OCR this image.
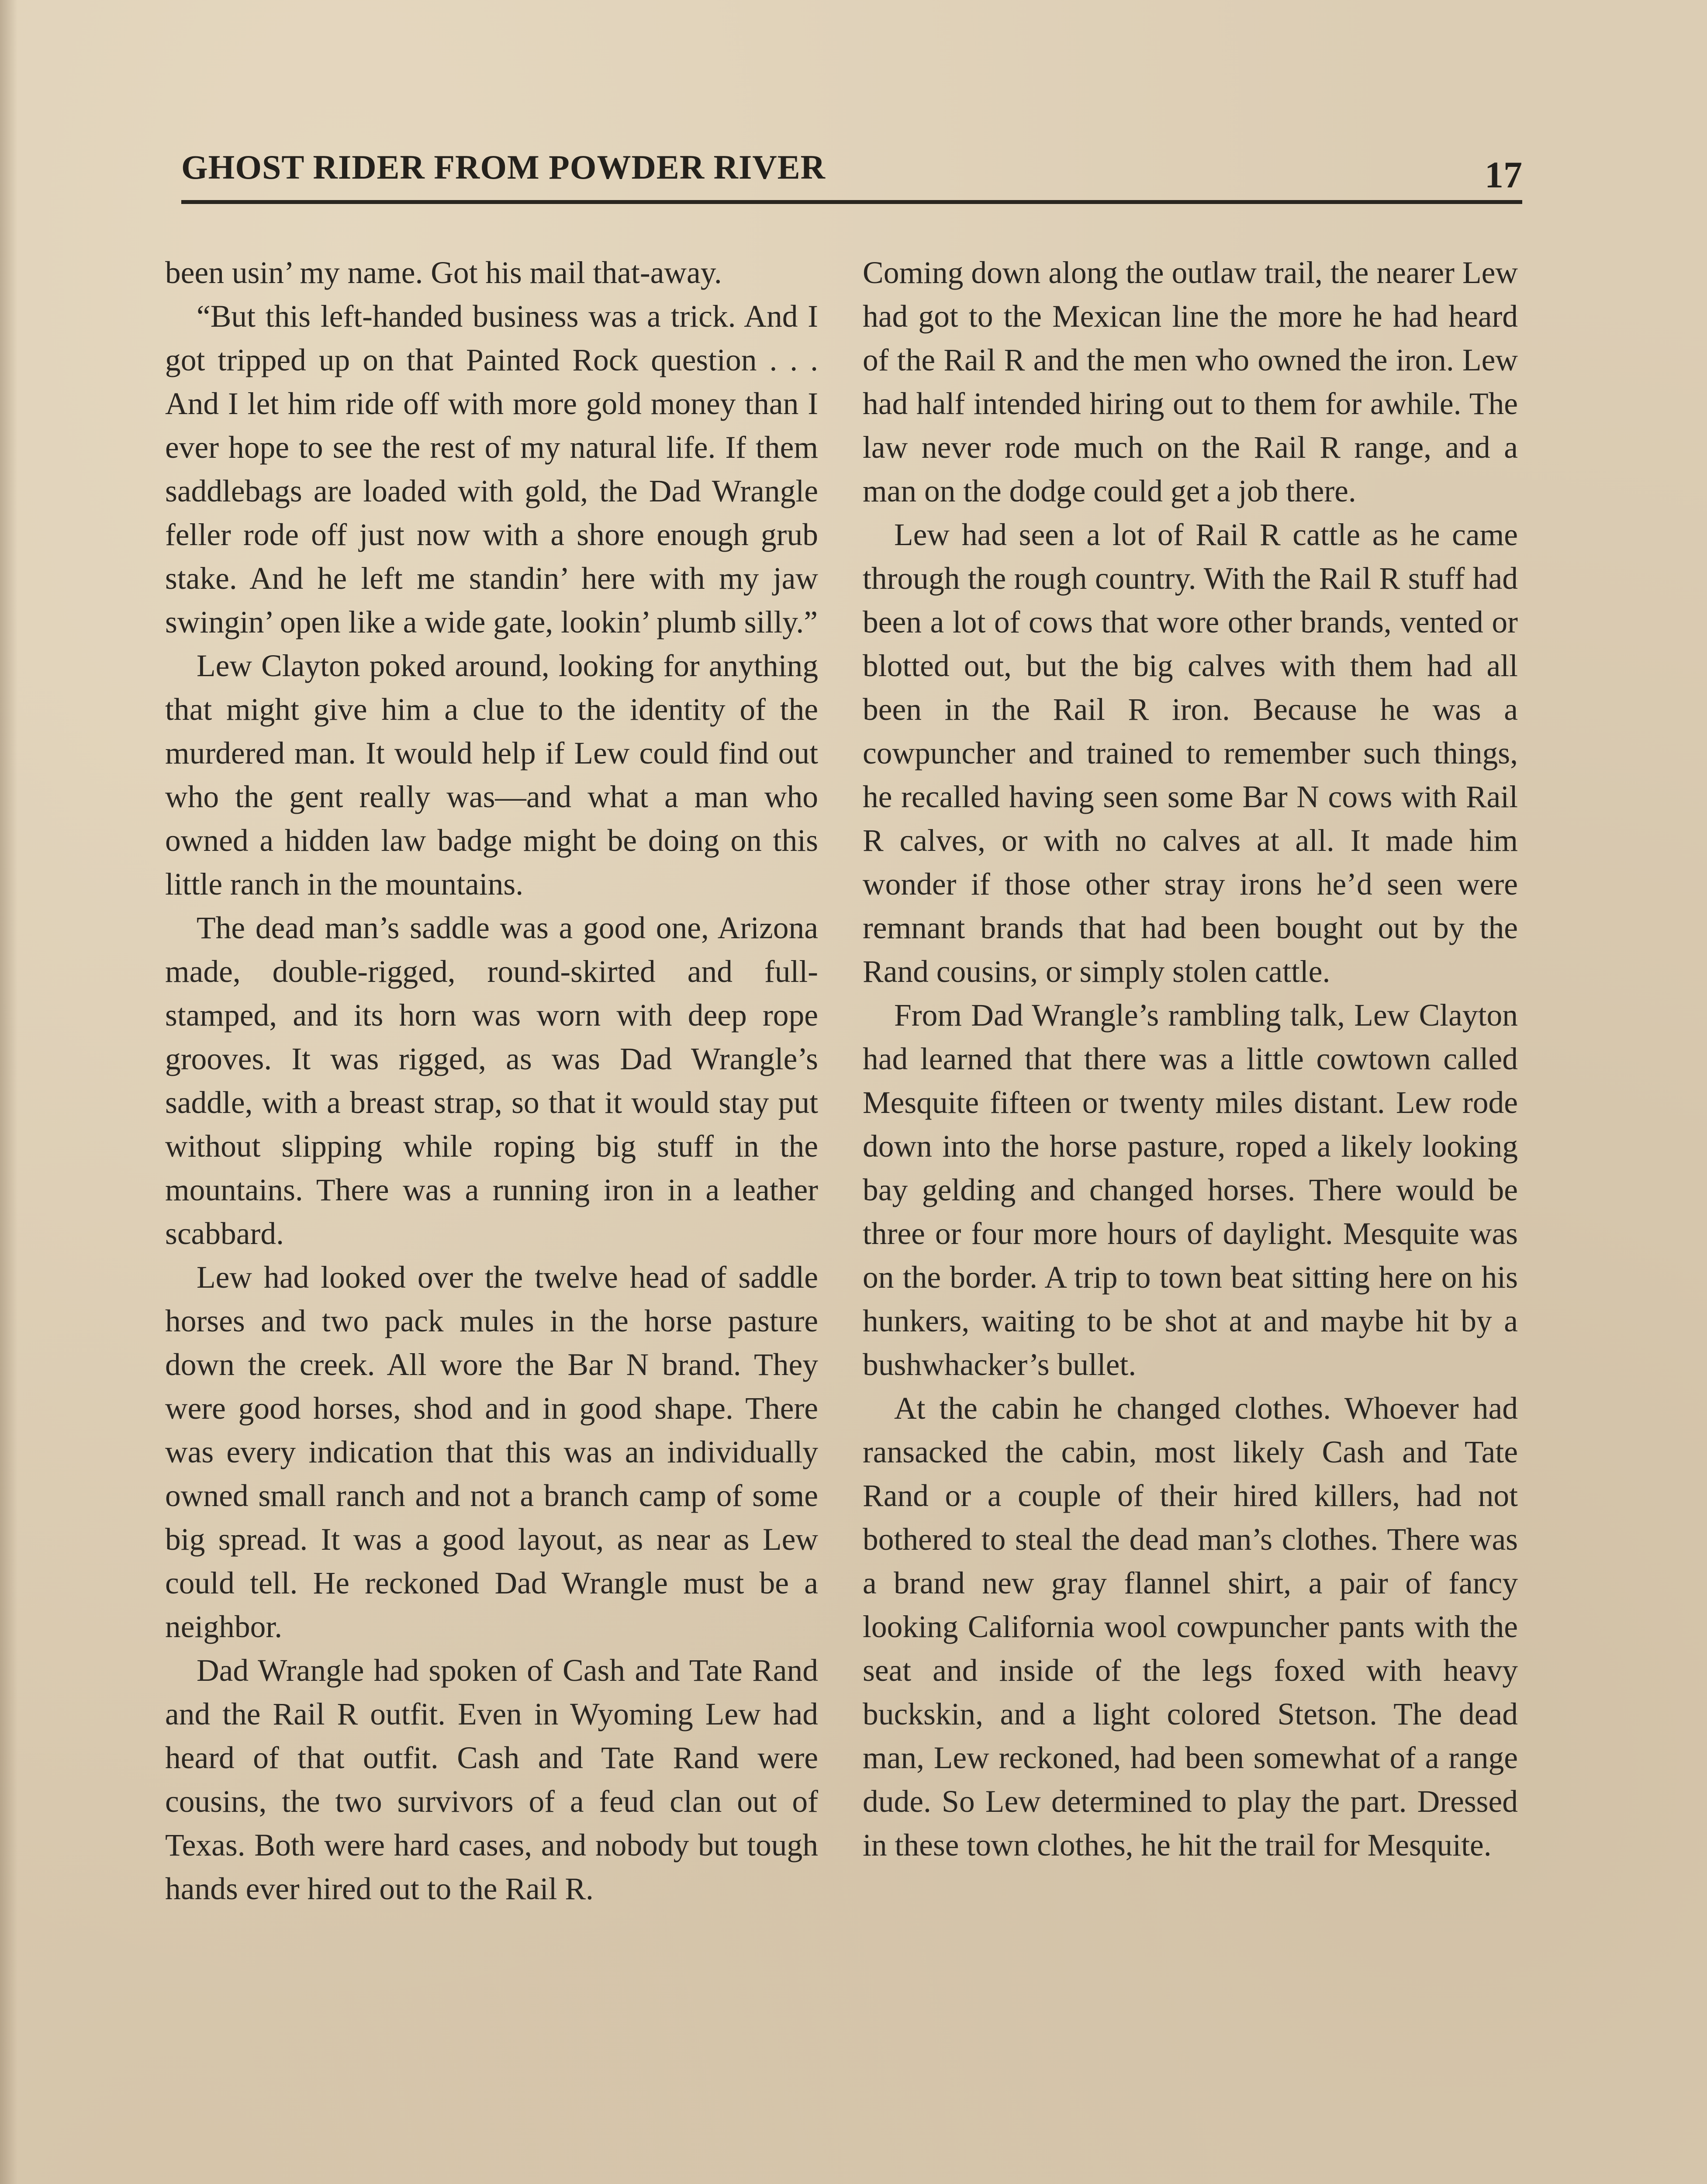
GHOST RIDER FROM POWDER RIVER	17

been usin’ my name. Got his mail that-away.

“But this left-handed business was a trick. And I got tripped up on that Painted Rock question . . . And I let him ride off with more gold money than I ever hope to see the rest of my natural life. If them saddlebags are loaded with gold, the Dad Wrangle feller rode off just now with a shore enough grub stake. And he left me standin’ here with my jaw swingin’ open like a wide gate, lookin’ plumb silly.”

Lew Clayton poked around, looking for anything that might give him a clue to the identity of the murdered man. It would help if Lew could find out who the gent really was—and what a man who owned a hidden law badge might be doing on this little ranch in the mountains.

The dead man’s saddle was a good one, Arizona made, double-rigged, round-skirted and full-stamped, and its horn was worn with deep rope grooves. It was rigged, as was Dad Wrangle’s saddle, with a breast strap, so that it would stay put without slipping while roping big stuff in the mountains. There was a running iron in a leather scabbard.

Lew had looked over the twelve head of saddle horses and two pack mules in the horse pasture down the creek. All wore the Bar N brand. They were good horses, shod and in good shape. There was every indication that this was an individually owned small ranch and not a branch camp of some big spread. It was a good layout, as near as Lew could tell. He reckoned Dad Wrangle must be a neighbor.

Dad Wrangle had spoken of Cash and Tate Rand and the Rail R outfit. Even in Wyoming Lew had heard of that outfit. Cash and Tate Rand were cousins, the two survivors of a feud clan out of Texas. Both were hard cases, and nobody but tough hands ever hired out to the Rail R.

Coming down along the outlaw trail, the nearer Lew had got to the Mexican line the more he had heard of the Rail R and the men who owned the iron. Lew had half intended hiring out to them for awhile. The law never rode much on the Rail R range, and a man on the dodge could get a job there.

Lew had seen a lot of Rail R cattle as he came through the rough country. With the Rail R stuff had been a lot of cows that wore other brands, vented or blotted out, but the big calves with them had all been in the Rail R iron. Because he was a cowpuncher and trained to remember such things, he recalled having seen some Bar N cows with Rail R calves, or with no calves at all. It made him wonder if those other stray irons he’d seen were remnant brands that had been bought out by the Rand cousins, or simply stolen cattle.

From Dad Wrangle’s rambling talk, Lew Clayton had learned that there was a little cowtown called Mesquite fifteen or twenty miles distant. Lew rode down into the horse pasture, roped a likely looking bay gelding and changed horses. There would be three or four more hours of daylight. Mesquite was on the border. A trip to town beat sitting here on his hunkers, waiting to be shot at and maybe hit by a bushwhacker’s bullet.

At the cabin he changed clothes. Whoever had ransacked the cabin, most likely Cash and Tate Rand or a couple of their hired killers, had not bothered to steal the dead man’s clothes. There was a brand new gray flannel shirt, a pair of fancy looking California wool cowpuncher pants with the seat and inside of the legs foxed with heavy buckskin, and a light colored Stetson. The dead man, Lew reckoned, had been somewhat of a range dude. So Lew determined to play the part. Dressed in these town clothes, he hit the trail for Mesquite.
